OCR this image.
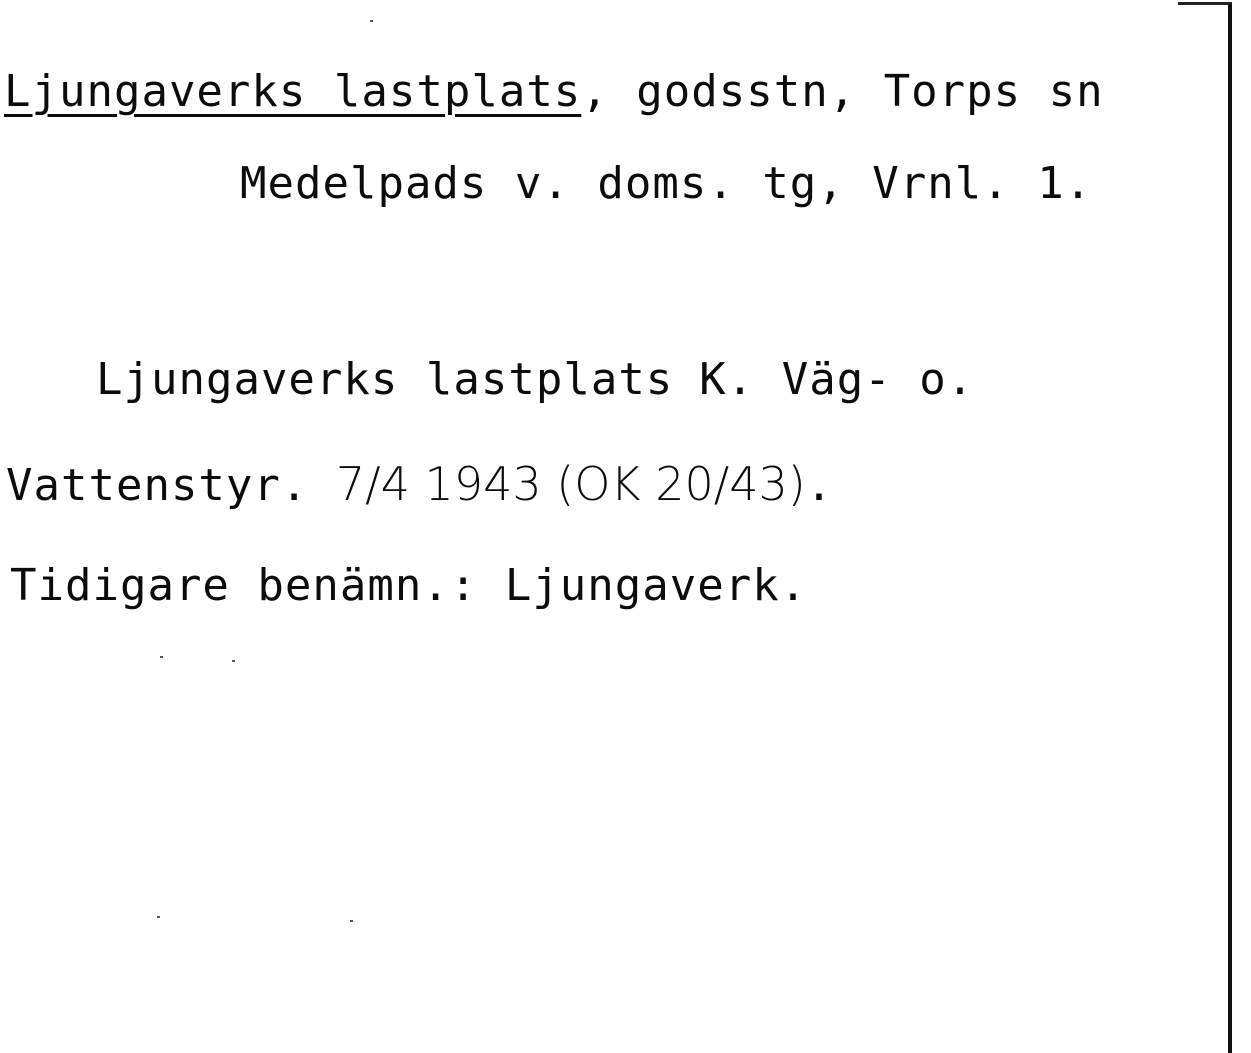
Ljungaverks lastplats, godsstn, Torps sn
Medelpads v. doms. tg, Vrnl. 1.
Ljungaverks lastplats K. Väg- o.
Vattenstyr. 7/4 1943 (OK 20/43).
Tidigare benämn.: Ljungaverk.
